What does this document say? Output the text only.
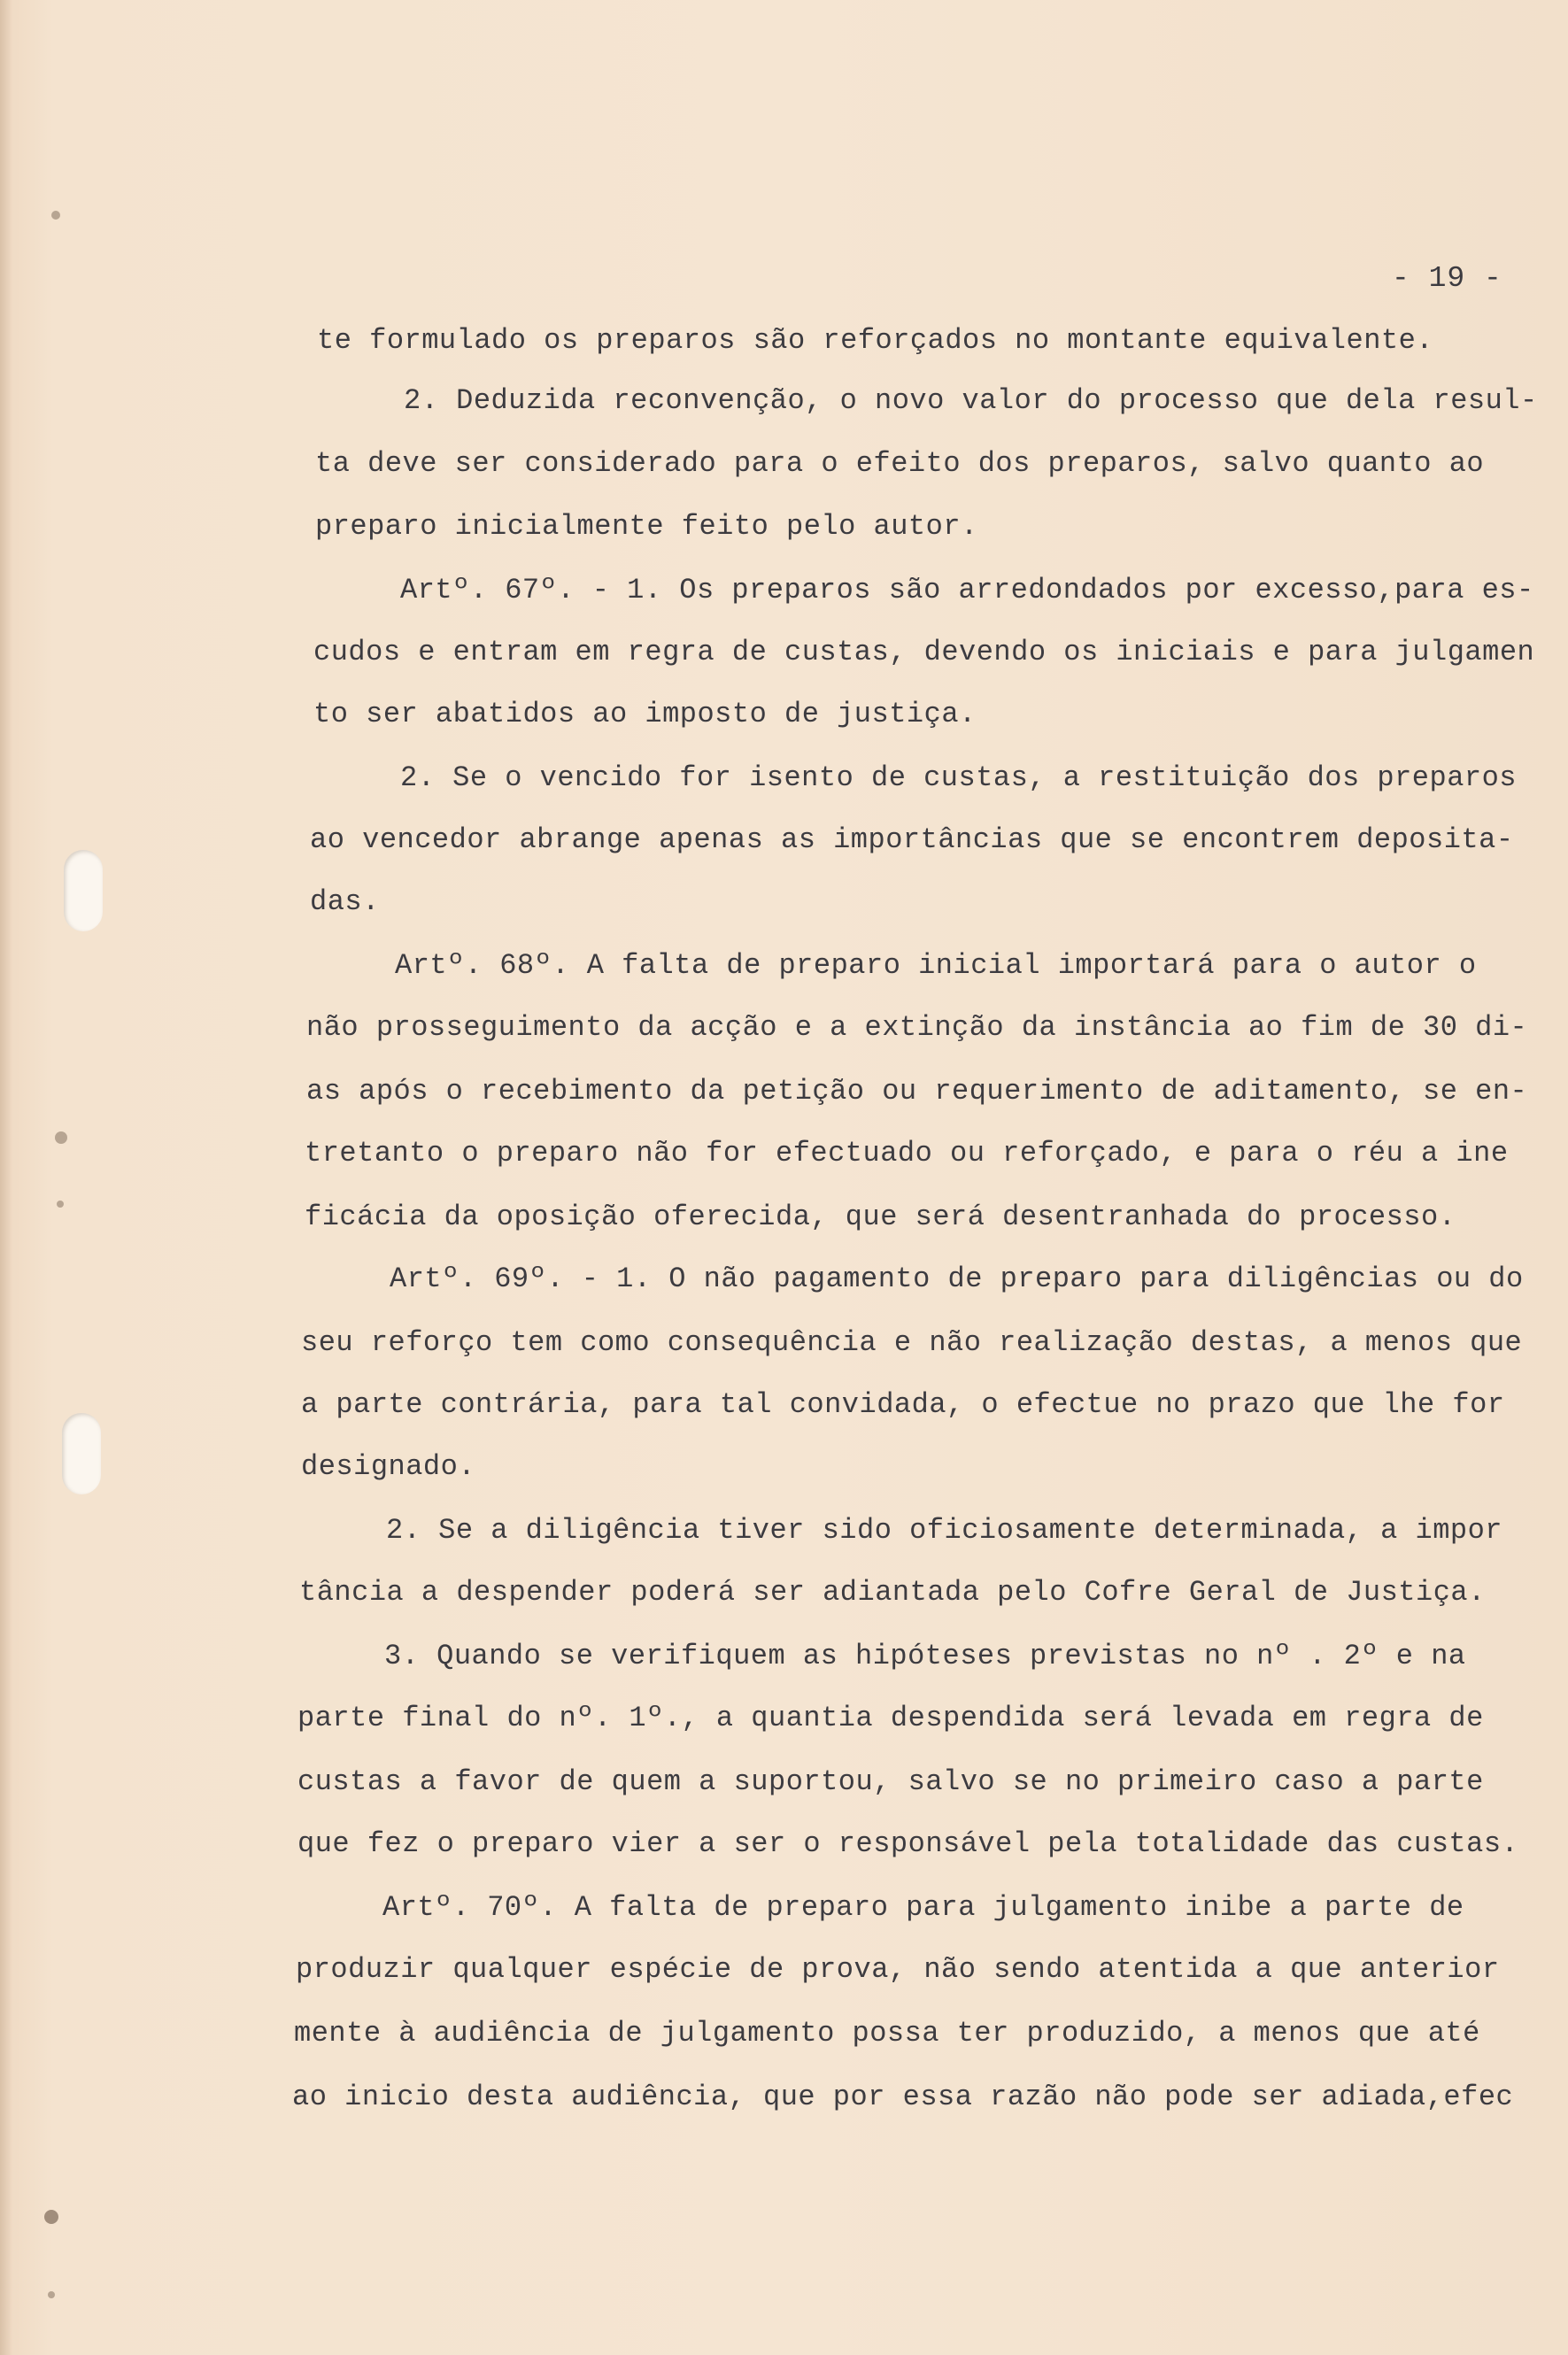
- 19 -
te formulado os preparos são reforçados no montante equivalente.
2. Deduzida reconvenção, o novo valor do processo que dela resul-
ta deve ser considerado para o efeito dos preparos, salvo quanto ao
preparo inicialmente feito pelo autor.
Artº. 67º. - 1. Os preparos são arredondados por excesso,para es-
cudos e entram em regra de custas, devendo os iniciais e para julgamen
to ser abatidos ao imposto de justiça.
2. Se o vencido for isento de custas, a restituição dos preparos
ao vencedor abrange apenas as importâncias que se encontrem deposita-
das.
Artº. 68º. A falta de preparo inicial importará para o autor o
não prosseguimento da acção e a extinção da instância ao fim de 30 di-
as após o recebimento da petição ou requerimento de aditamento, se en-
tretanto o preparo não for efectuado ou reforçado, e para o réu a ine
ficácia da oposição oferecida, que será desentranhada do processo.
Artº. 69º. - 1. O não pagamento de preparo para diligências ou do
seu reforço tem como consequência e não realização destas, a menos que
a parte contrária, para tal convidada, o efectue no prazo que lhe for
designado.
2. Se a diligência tiver sido oficiosamente determinada, a impor
tância a despender poderá ser adiantada pelo Cofre Geral de Justiça.
3. Quando se verifiquem as hipóteses previstas no nº . 2º e na
parte final do nº. 1º., a quantia despendida será levada em regra de
custas a favor de quem a suportou, salvo se no primeiro caso a parte
que fez o preparo vier a ser o responsável pela totalidade das custas.
Artº. 70º. A falta de preparo para julgamento inibe a parte de
produzir qualquer espécie de prova, não sendo atentida a que anterior
mente à audiência de julgamento possa ter produzido, a menos que até
ao inicio desta audiência, que por essa razão não pode ser adiada,efec
